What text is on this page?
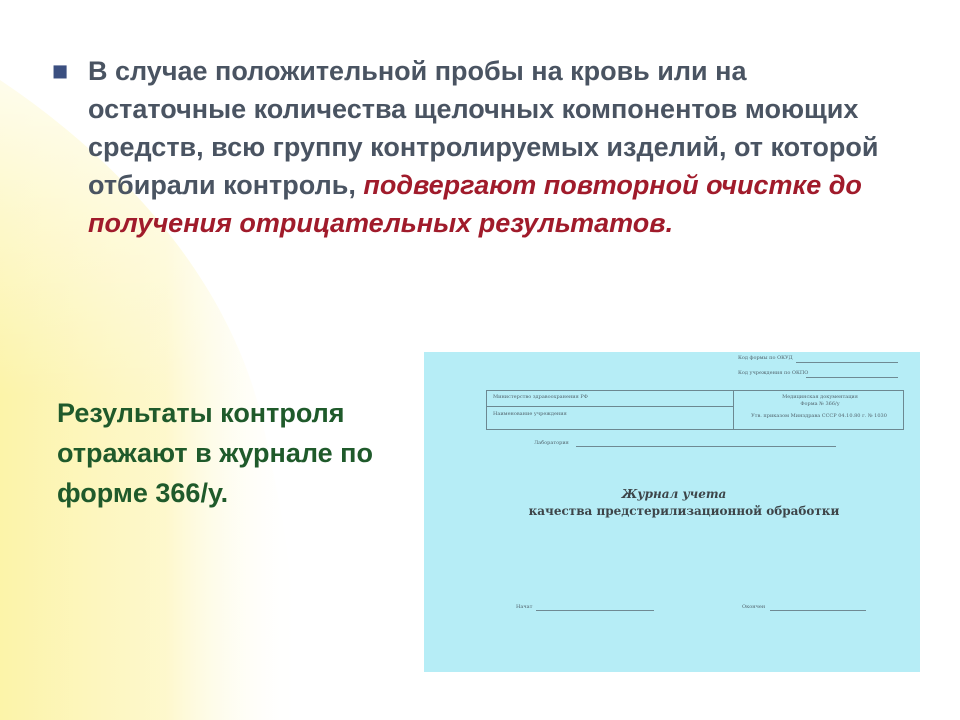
■ В случае положительной пробы на кровь или на остаточные количества щелочных компонентов моющих средств, всю группу контролируемых изделий, от которой отбирали контроль, подвергают повторной очистке до получения отрицательных результатов.

Результаты контроля отражают в журнале по форме 366/у.

Код формы по ОКУД
Код учреждения по ОКПО
Министерство здравоохранения РФ
Наименование учреждения
Медицинская документация
Форма № 366/у
Утв. приказом Минздрава СССР 04.10.80 г. № 1030
Лаборатория
Журнал учета
качества предстерилизационной обработки
Начат	Окончен
